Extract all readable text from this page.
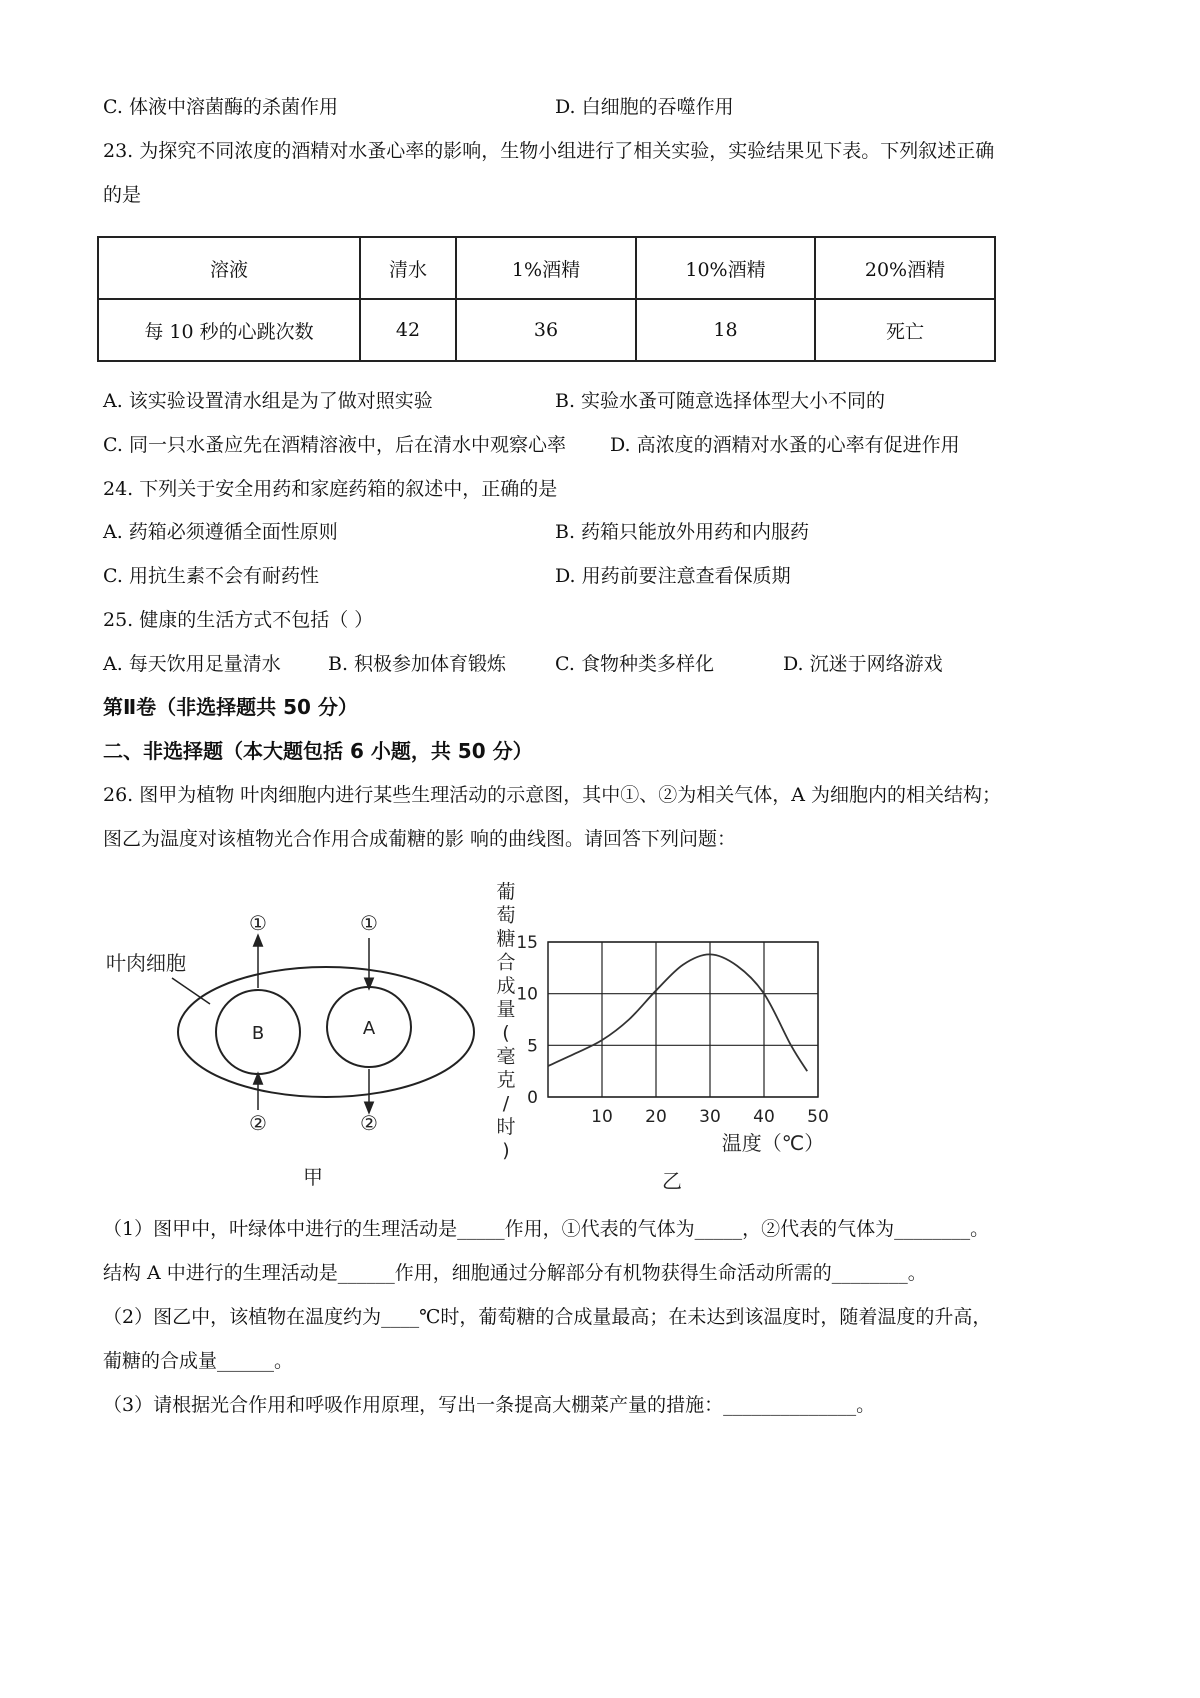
C. 体液中溶菌酶的杀菌作用	D. 白细胞的吞噬作用
23. 为探究不同浓度的酒精对水蚤心率的影响，生物小组进行了相关实验，实验结果见下表。下列叙述正确
的是
溶液	清水	1%酒精	10%酒精	20%酒精
每 10 秒的心跳次数	42	36	18	死亡
A. 该实验设置清水组是为了做对照实验	B. 实验水蚤可随意选择体型大小不同的
C. 同一只水蚤应先在酒精溶液中，后在清水中观察心率 D. 高浓度的酒精对水蚤的心率有促进作用
24. 下列关于安全用药和家庭药箱的叙述中，正确的是
A. 药箱必须遵循全面性原则	B. 药箱只能放外用药和内服药
C. 用抗生素不会有耐药性	D. 用药前要注意查看保质期
25. 健康的生活方式不包括（ ）
A. 每天饮用足量清水 B. 积极参加体育锻炼	C. 食物种类多样化	D. 沉迷于网络游戏
第Ⅱ卷（非选择题共 50 分）
二、非选择题（本大题包括 6 小题，共 50 分）
26. 图甲为植物 叶肉细胞内进行某些生理活动的示意图，其中①、②为相关气体，A 为细胞内的相关结构；
图乙为温度对该植物光合作用合成葡糖的影 响的曲线图。请回答下列问题：
叶肉细胞
B	A
①
②
①
②
甲
0
5
10
15
10 20 30 40 50
葡萄糖合成量(毫克/时)	温度（℃）
乙
（1）图甲中，叶绿体中进行的生理活动是_____作用，①代表的气体为_____，②代表的气体为________。
结构 A 中进行的生理活动是______作用，细胞通过分解部分有机物获得生命活动所需的________。
（2）图乙中，该植物在温度约为____℃时，葡萄糖的合成量最高；在未达到该温度时，随着温度的升高，
葡糖的合成量______。
（3）请根据光合作用和呼吸作用原理，写出一条提高大棚菜产量的措施：______________。
